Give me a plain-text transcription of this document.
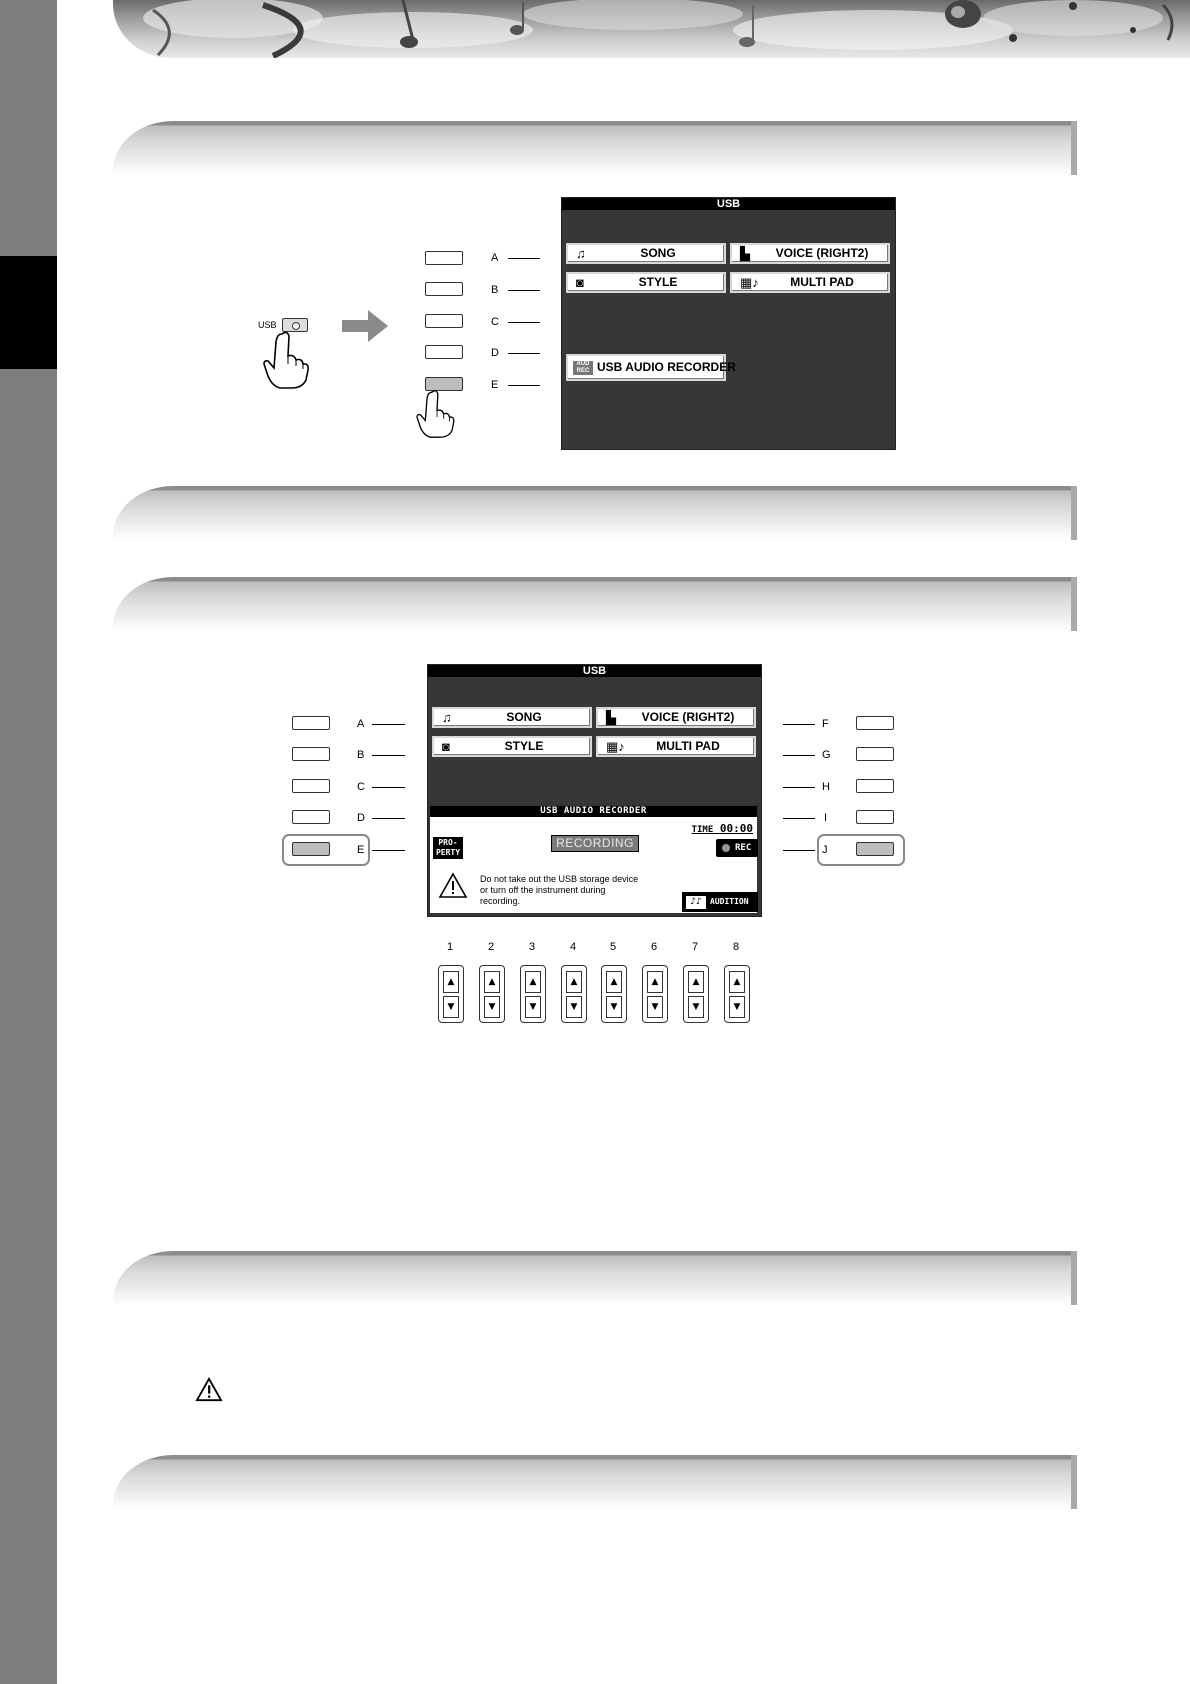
USB
A
B
C
D
E
USB
♫	SONG	▙	VOICE (RIGHT2)
◙	STYLE	▦♪	MULTI PAD
AUD
REC USB AUDIO RECORDER
A
B
C
D
E
F
G
H
I
J
USB
♫	SONG	▙	VOICE (RIGHT2)
◙	STYLE	▦♪	MULTI PAD
USB AUDIO RECORDER
PRO-
PERTY
RECORDING
TIME 00:00
REC
Do not take out the USB storage device
or turn off the instrument during
recording.	♪♪	AUDITION
1
▲
▼
2
▲
▼
3
▲
▼
4
▲
▼
5
▲
▼
6
▲
▼
7
▲
▼
8
▲
▼
